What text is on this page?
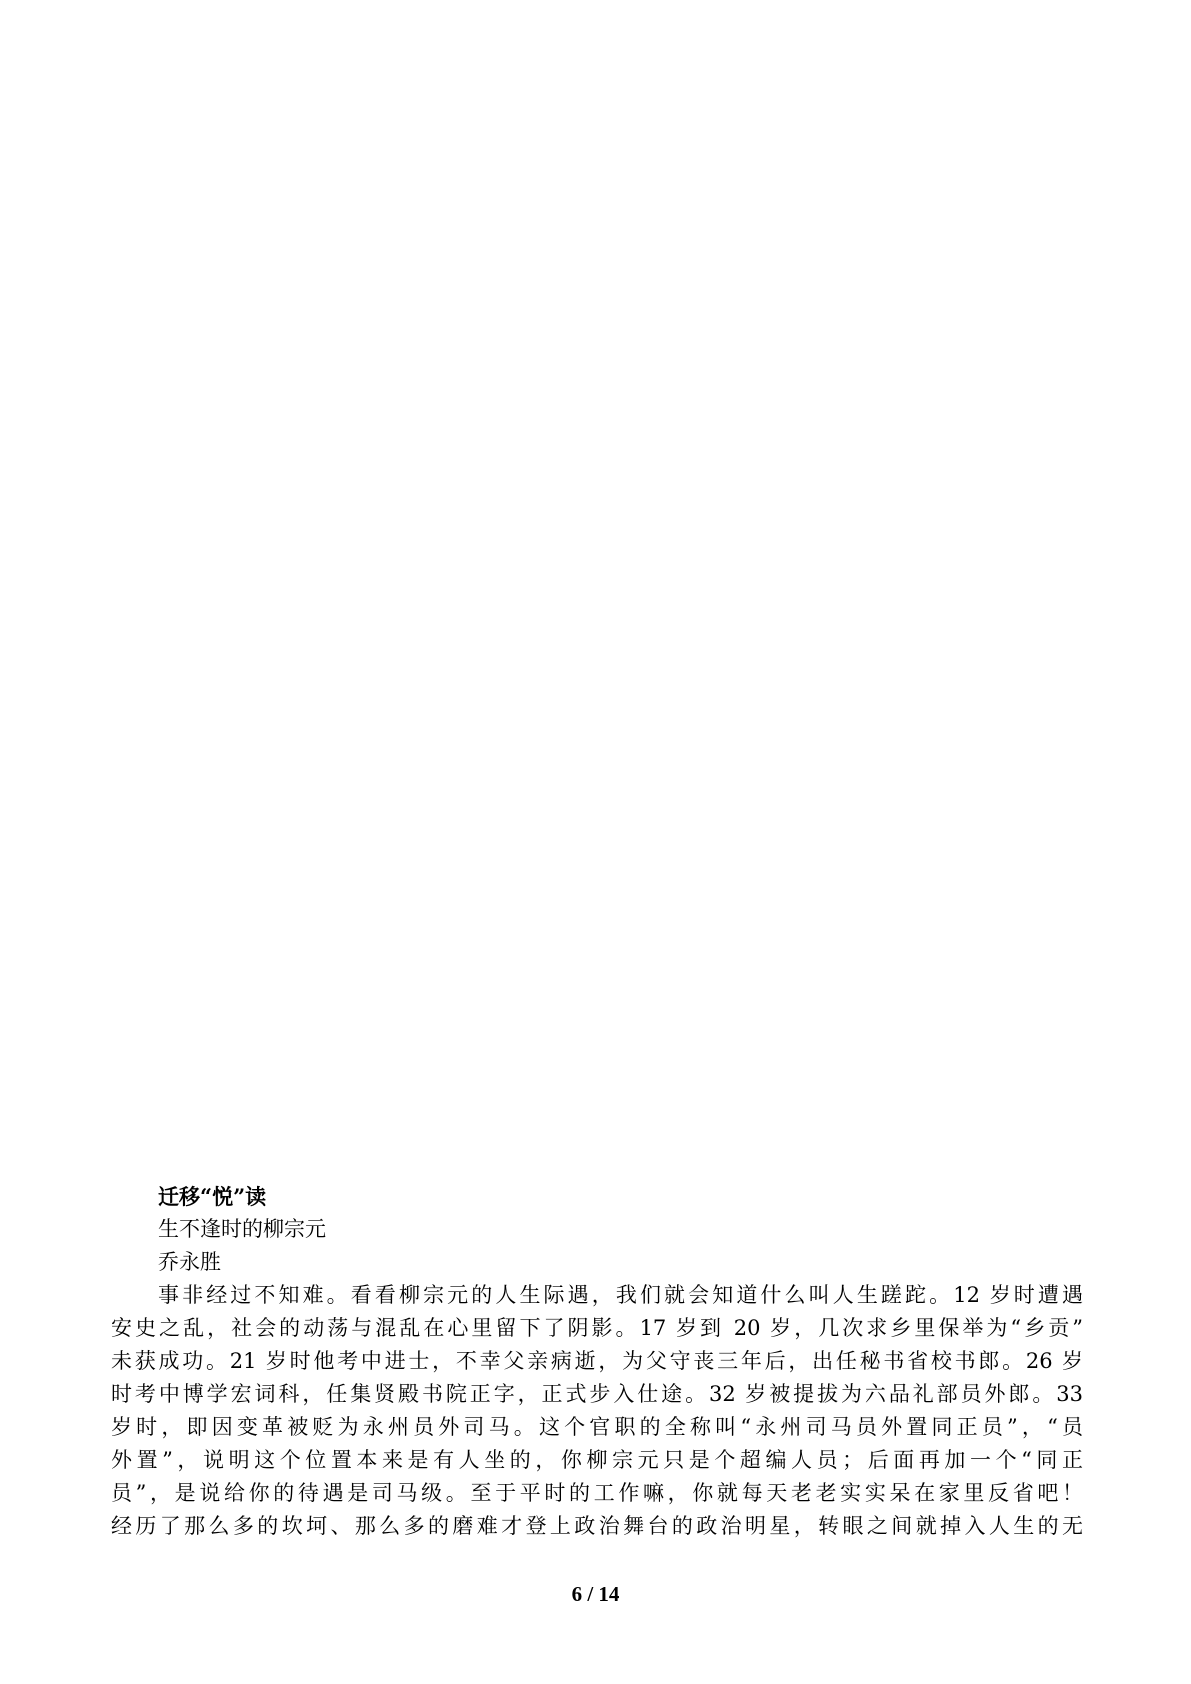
迁移“悦”读
生不逢时的柳宗元
乔永胜
事非经过不知难。看看柳宗元的人生际遇，我们就会知道什么叫人生蹉跎。12 岁时遭遇
安史之乱，社会的动荡与混乱在心里留下了阴影。17 岁到 20 岁，几次求乡里保举为“乡贡”
未获成功。21 岁时他考中进士，不幸父亲病逝，为父守丧三年后，出任秘书省校书郎。26 岁
时考中博学宏词科，任集贤殿书院正字，正式步入仕途。32 岁被提拔为六品礼部员外郎。33
岁时，即因变革被贬为永州员外司马。这个官职的全称叫“永州司马员外置同正员”，“员
外置”，说明这个位置本来是有人坐的，你柳宗元只是个超编人员；后面再加一个“同正
员”，是说给你的待遇是司马级。至于平时的工作嘛，你就每天老老实实呆在家里反省吧！
经历了那么多的坎坷、那么多的磨难才登上政治舞台的政治明星，转眼之间就掉入人生的无
6 / 14
